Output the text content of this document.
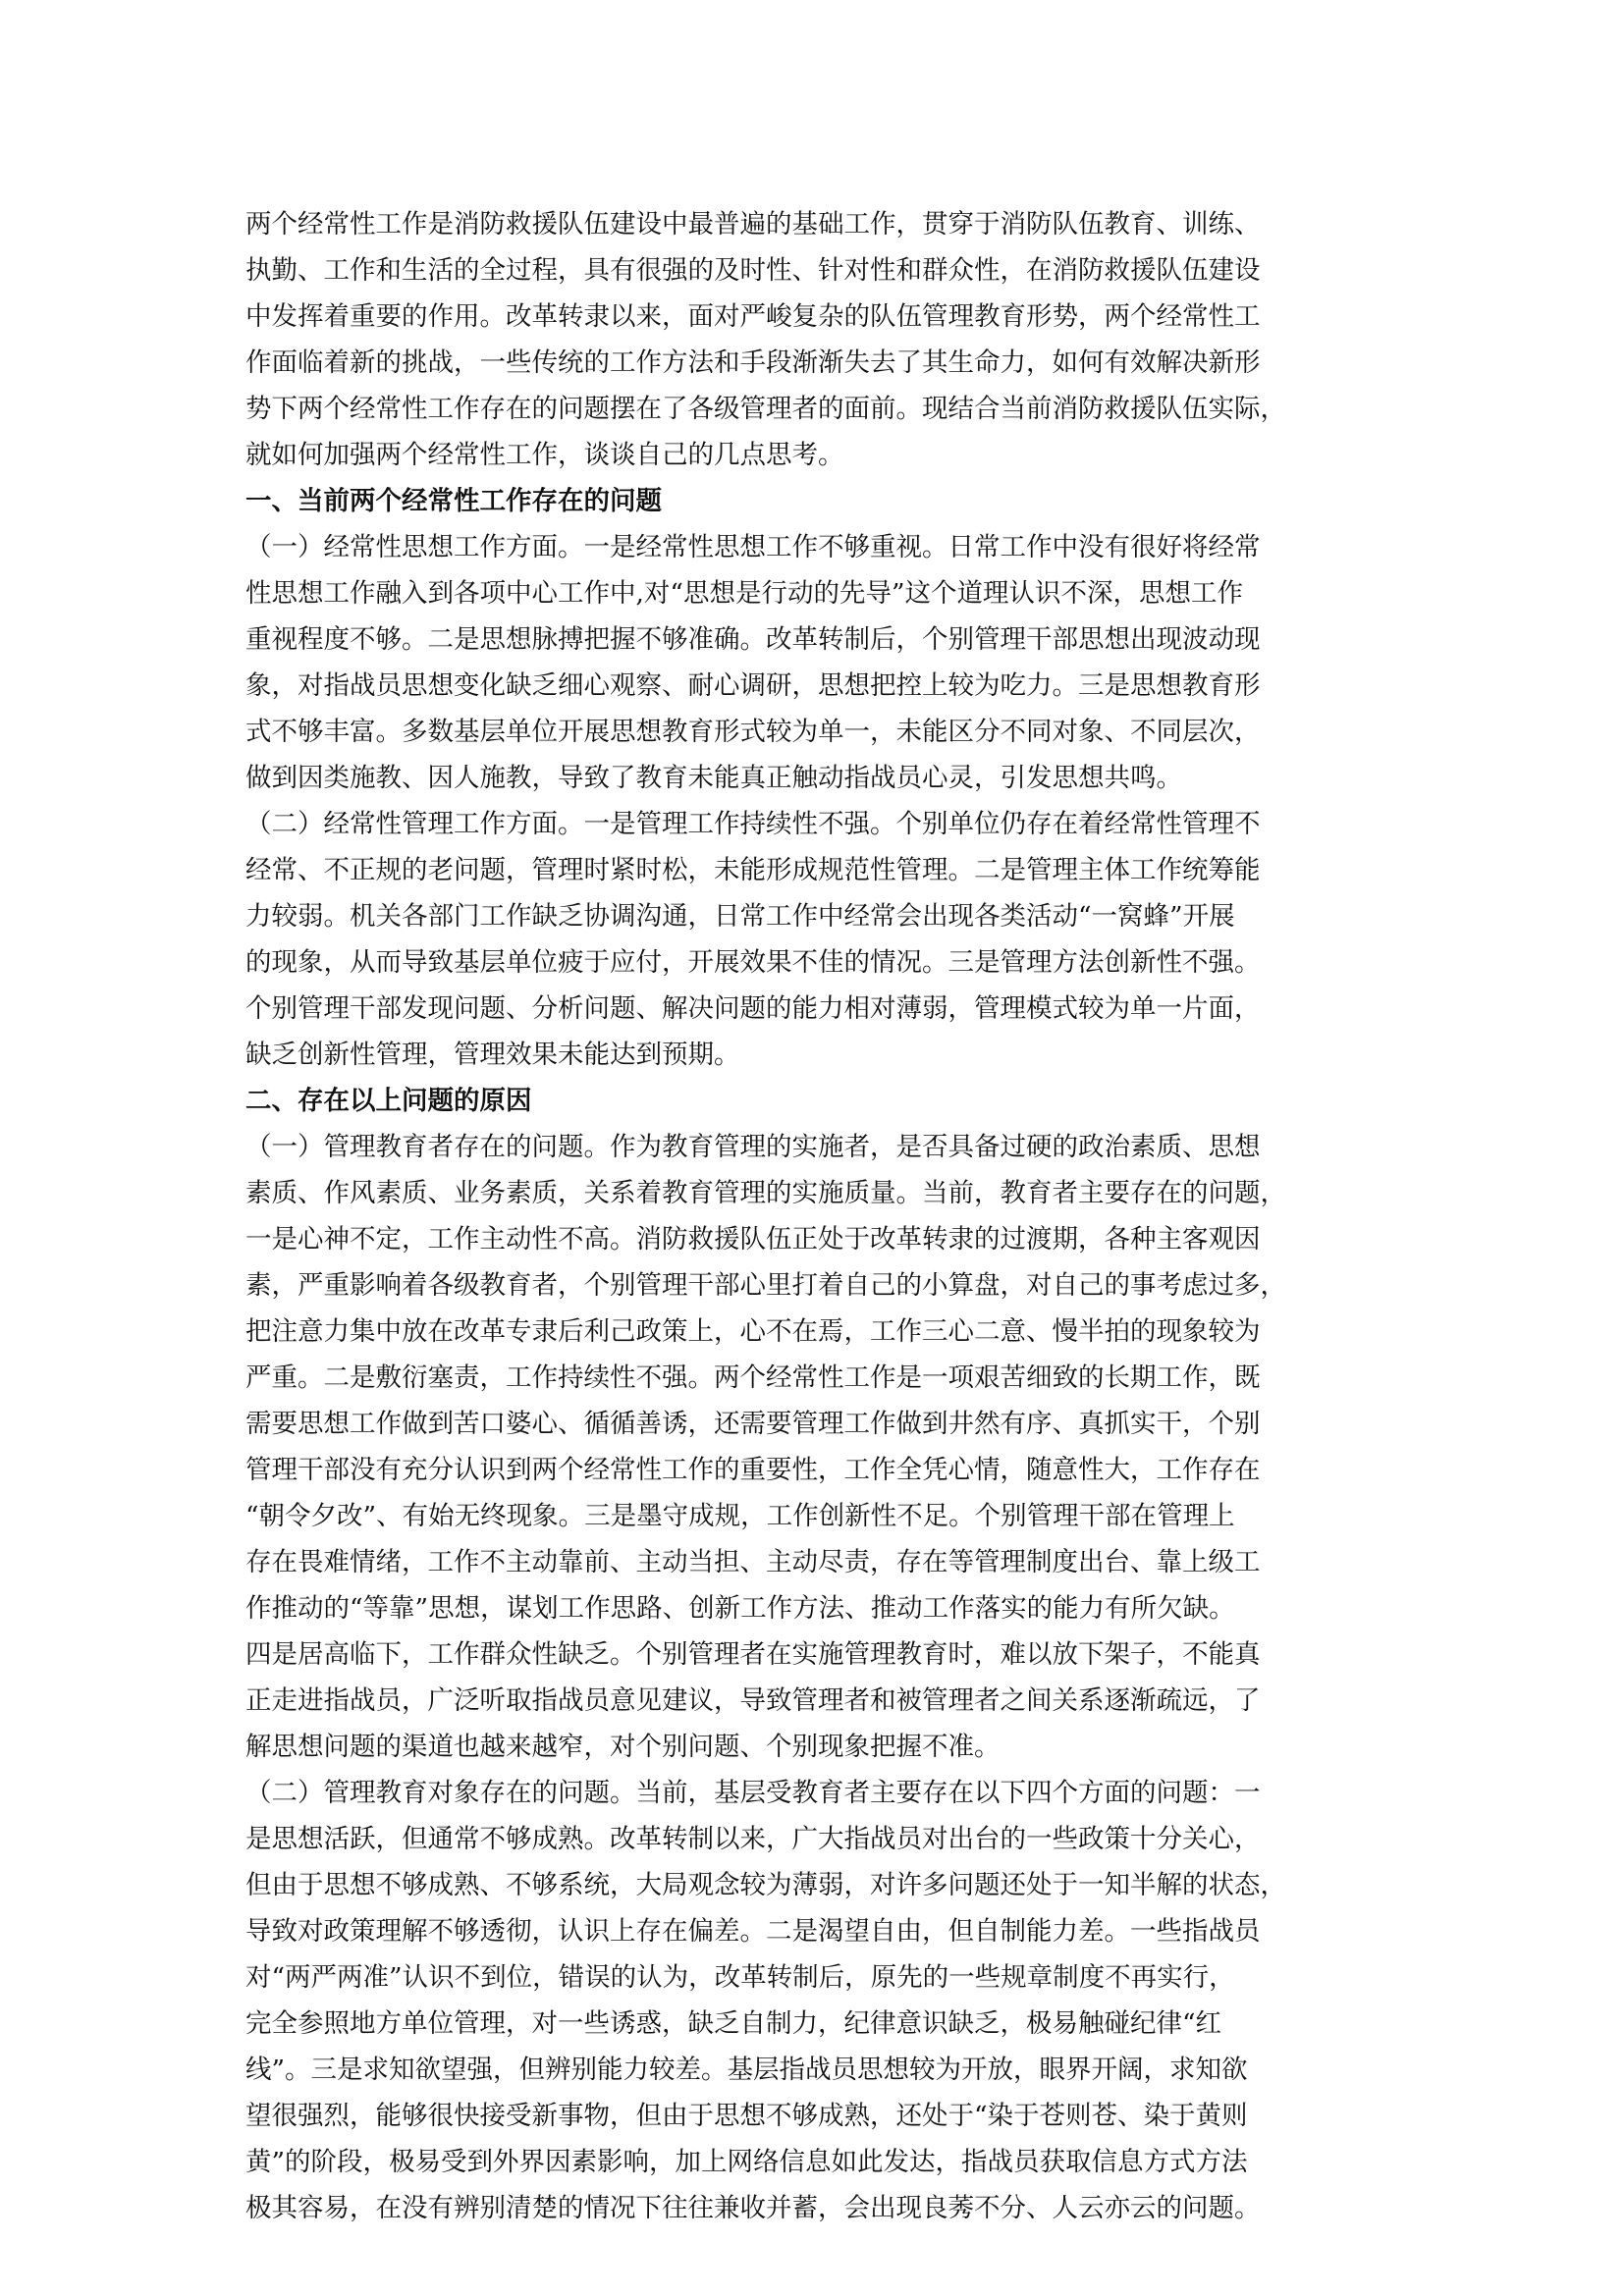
两个经常性工作是消防救援队伍建设中最普遍的基础工作，贯穿于消防队伍教育、训练、
执勤、工作和生活的全过程，具有很强的及时性、针对性和群众性，在消防救援队伍建设
中发挥着重要的作用。改革转隶以来，面对严峻复杂的队伍管理教育形势，两个经常性工
作面临着新的挑战，一些传统的工作方法和手段渐渐失去了其生命力，如何有效解决新形
势下两个经常性工作存在的问题摆在了各级管理者的面前。现结合当前消防救援队伍实际，
就如何加强两个经常性工作，谈谈自己的几点思考。
一、当前两个经常性工作存在的问题
（一）经常性思想工作方面。一是经常性思想工作不够重视。日常工作中没有很好将经常
性思想工作融入到各项中心工作中,对“思想是行动的先导”这个道理认识不深，思想工作
重视程度不够。二是思想脉搏把握不够准确。改革转制后，个别管理干部思想出现波动现
象，对指战员思想变化缺乏细心观察、耐心调研，思想把控上较为吃力。三是思想教育形
式不够丰富。多数基层单位开展思想教育形式较为单一，未能区分不同对象、不同层次，
做到因类施教、因人施教，导致了教育未能真正触动指战员心灵，引发思想共鸣。
（二）经常性管理工作方面。一是管理工作持续性不强。个别单位仍存在着经常性管理不
经常、不正规的老问题，管理时紧时松，未能形成规范性管理。二是管理主体工作统筹能
力较弱。机关各部门工作缺乏协调沟通，日常工作中经常会出现各类活动“一窝蜂”开展
的现象，从而导致基层单位疲于应付，开展效果不佳的情况。三是管理方法创新性不强。
个别管理干部发现问题、分析问题、解决问题的能力相对薄弱，管理模式较为单一片面，
缺乏创新性管理，管理效果未能达到预期。
二、存在以上问题的原因
（一）管理教育者存在的问题。作为教育管理的实施者，是否具备过硬的政治素质、思想
素质、作风素质、业务素质，关系着教育管理的实施质量。当前，教育者主要存在的问题，
一是心神不定，工作主动性不高。消防救援队伍正处于改革转隶的过渡期，各种主客观因
素，严重影响着各级教育者，个别管理干部心里打着自己的小算盘，对自己的事考虑过多，
把注意力集中放在改革专隶后利己政策上，心不在焉，工作三心二意、慢半拍的现象较为
严重。二是敷衍塞责，工作持续性不强。两个经常性工作是一项艰苦细致的长期工作，既
需要思想工作做到苦口婆心、循循善诱，还需要管理工作做到井然有序、真抓实干，个别
管理干部没有充分认识到两个经常性工作的重要性，工作全凭心情，随意性大，工作存在
“朝令夕改”、有始无终现象。三是墨守成规，工作创新性不足。个别管理干部在管理上
存在畏难情绪，工作不主动靠前、主动当担、主动尽责，存在等管理制度出台、靠上级工
作推动的“等靠”思想，谋划工作思路、创新工作方法、推动工作落实的能力有所欠缺。
四是居高临下，工作群众性缺乏。个别管理者在实施管理教育时，难以放下架子，不能真
正走进指战员，广泛听取指战员意见建议，导致管理者和被管理者之间关系逐渐疏远，了
解思想问题的渠道也越来越窄，对个别问题、个别现象把握不准。
（二）管理教育对象存在的问题。当前，基层受教育者主要存在以下四个方面的问题：一
是思想活跃，但通常不够成熟。改革转制以来，广大指战员对出台的一些政策十分关心，
但由于思想不够成熟、不够系统，大局观念较为薄弱，对许多问题还处于一知半解的状态，
导致对政策理解不够透彻，认识上存在偏差。二是渴望自由，但自制能力差。一些指战员
对“两严两准”认识不到位，错误的认为，改革转制后，原先的一些规章制度不再实行，
完全参照地方单位管理，对一些诱惑，缺乏自制力，纪律意识缺乏，极易触碰纪律“红
线”。三是求知欲望强，但辨别能力较差。基层指战员思想较为开放，眼界开阔，求知欲
望很强烈，能够很快接受新事物，但由于思想不够成熟，还处于“染于苍则苍、染于黄则
黄”的阶段，极易受到外界因素影响，加上网络信息如此发达，指战员获取信息方式方法
极其容易，在没有辨别清楚的情况下往往兼收并蓄，会出现良莠不分、人云亦云的问题。
